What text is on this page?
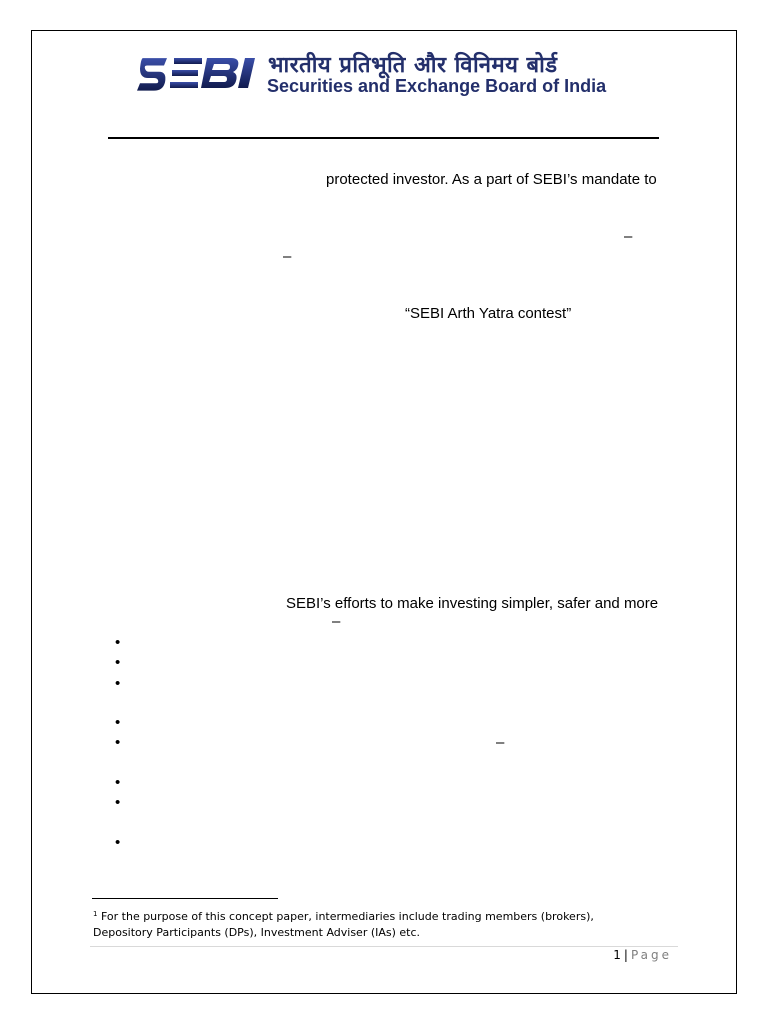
भारतीय प्रतिभूति और विनिमय बोर्ड
Securities and Exchange Board of India
protected investor. As a part of SEBI’s mandate to
–
–
“SEBI Arth Yatra contest”
SEBI’s efforts to make investing simpler, safer and more
–
•
•
•
•
•	–
•
•
•
$^1$ For the purpose of this concept paper, intermediaries include trading members (brokers), Depository Participants (DPs), Investment Adviser (IAs) etc.
1 | Page
